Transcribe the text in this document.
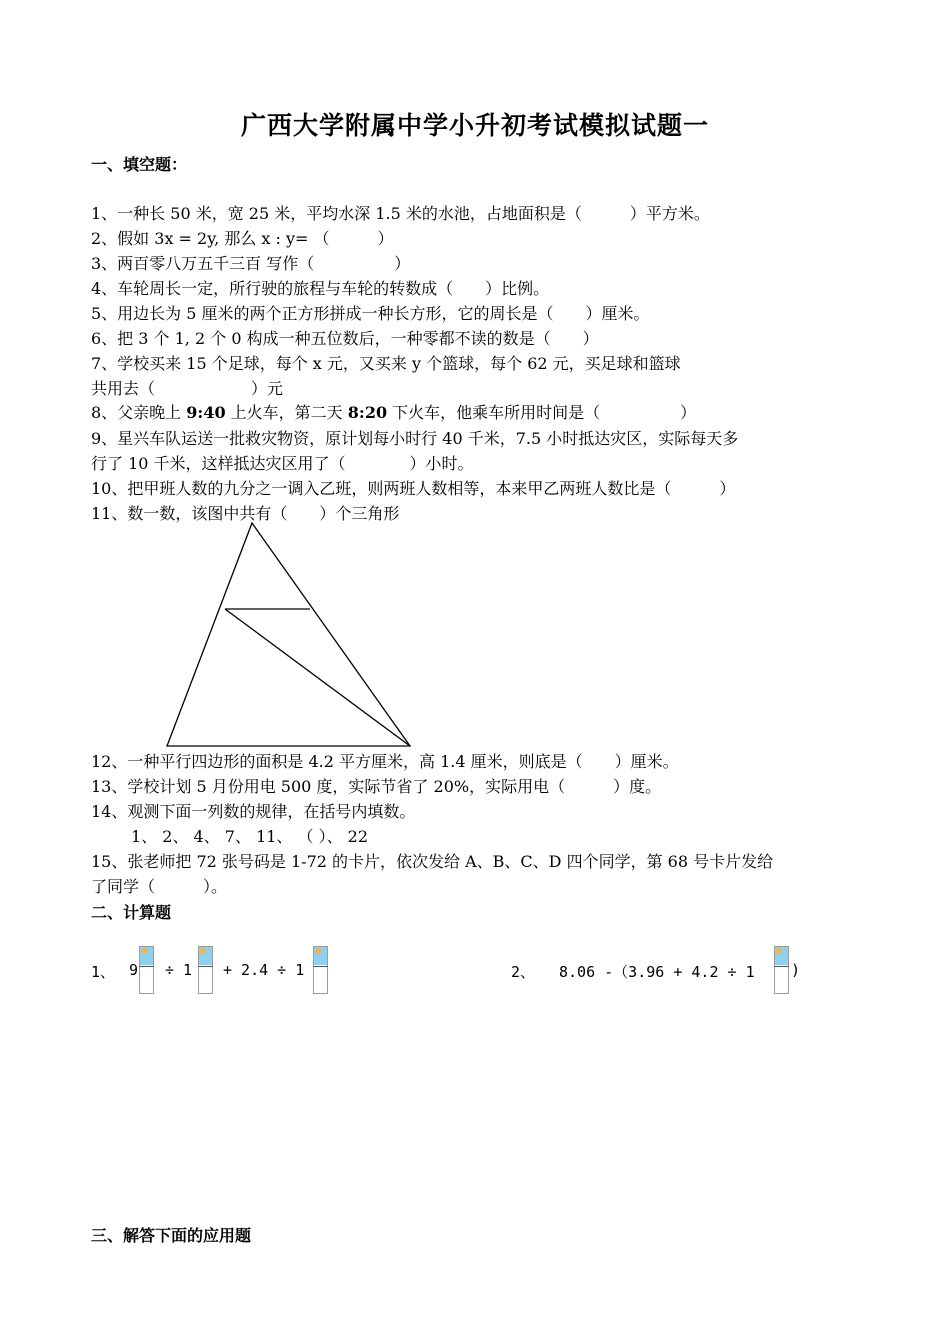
广西大学附属中学小升初考试模拟试题一
一、填空题：
1、一种长 50 米，宽 25 米，平均水深 1.5 米的水池，占地面积是（　　　）平方米。
2、假如 3x = 2y, 那么 x : y= （　　　）
3、两百零八万五千三百 写作（　　　　　）
4、车轮周长一定，所行驶的旅程与车轮的转数成（　　）比例。
5、用边长为 5 厘米的两个正方形拼成一种长方形，它的周长是（　　）厘米。
6、把 3 个 1, 2 个 0 构成一种五位数后，一种零都不读的数是（　　）
7、学校买来 15 个足球，每个 x 元，又买来 y 个篮球，每个 62 元，买足球和篮球
共用去（　　　　　　）元
8、父亲晚上 9:40 上火车，第二天 8:20 下火车，他乘车所用时间是（　　　　　）
9、星兴车队运送一批救灾物资，原计划每小时行 40 千米，7.5 小时抵达灾区，实际每天多
行了 10 千米，这样抵达灾区用了（　　　　）小时。
10、把甲班人数的九分之一调入乙班，则两班人数相等，本来甲乙两班人数比是（　　　）
11、数一数，该图中共有（　　）个三角形
12、一种平行四边形的面积是 4.2 平方厘米，高 1.4 厘米，则底是（　　）厘米。
13、学校计划 5 月份用电 500 度，实际节省了 20%，实际用电（　　　）度。
14、观测下面一列数的规律，在括号内填数。
1、 2、 4、 7、 11、 （ ）、 22
15、张老师把 72 张号码是 1-72 的卡片，依次发给 A、B、C、D 四个同学，第 68 号卡片发给
了同学（　　　）。
二、计算题
1、 9 ÷ 1 + 2.4 ÷ 1	2、 8.06 -（3.96 + 4.2 ÷ 1 )
三、解答下面的应用题
